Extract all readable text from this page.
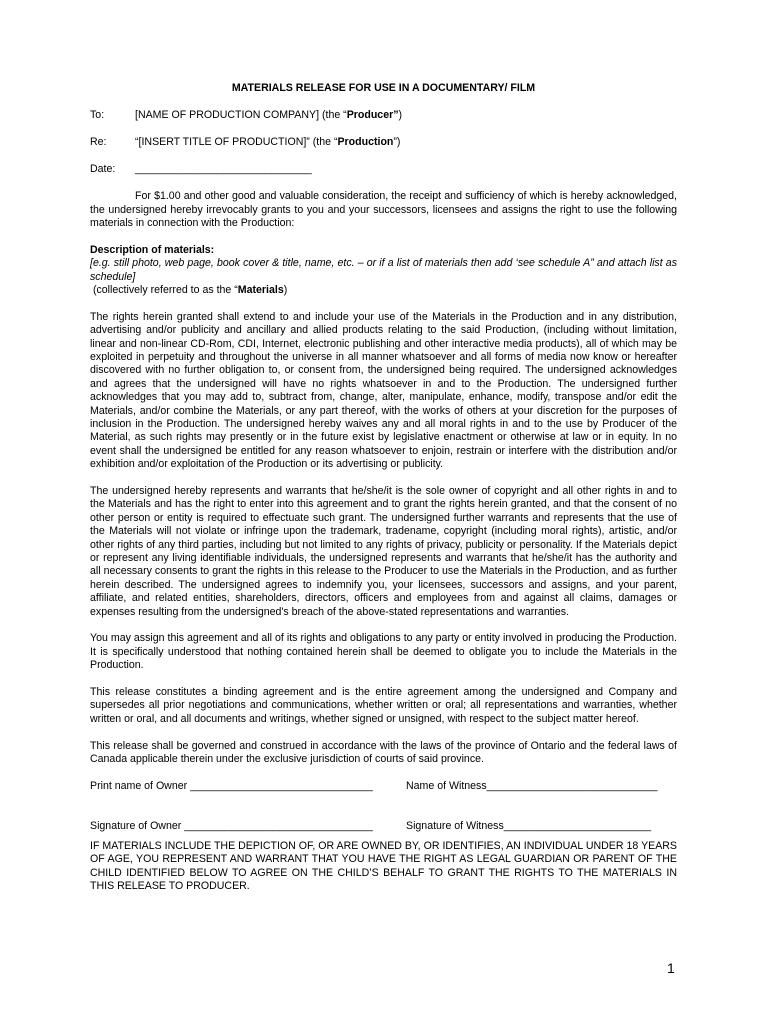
MATERIALS RELEASE FOR USE IN A DOCUMENTARY/ FILM
To:	[NAME OF PRODUCTION COMPANY] (the “Producer”)
Re:	“[INSERT TITLE OF PRODUCTION]” (the “Production”)
Date:	______________________________

For $1.00 and other good and valuable consideration, the receipt and sufficiency of which is hereby acknowledged, the undersigned hereby irrevocably grants to you and your successors, licensees and assigns the right to use the following materials in connection with the Production:

Description of materials:
[e.g. still photo, web page, book cover & title, name, etc. – or if a list of materials then add ‘see schedule A” and attach list as schedule]
(collectively referred to as the “Materials)

The rights herein granted shall extend to and include your use of the Materials in the Production and in any distribution, advertising and/or publicity and ancillary and allied products relating to the said Production, (including without limitation, linear and non-linear CD-Rom, CDI, Internet, electronic publishing and other interactive media products), all of which may be exploited in perpetuity and throughout the universe in all manner whatsoever and all forms of media now know or hereafter discovered with no further obligation to, or consent from, the undersigned being required. The undersigned acknowledges and agrees that the undersigned will have no rights whatsoever in and to the Production. The undersigned further acknowledges that you may add to, subtract from, change, alter, manipulate, enhance, modify, transpose and/or edit the Materials, and/or combine the Materials, or any part thereof, with the works of others at your discretion for the purposes of inclusion in the Production. The undersigned hereby waives any and all moral rights in and to the use by Producer of the Material, as such rights may presently or in the future exist by legislative enactment or otherwise at law or in equity. In no event shall the undersigned be entitled for any reason whatsoever to enjoin, restrain or interfere with the distribution and/or exhibition and/or exploitation of the Production or its advertising or publicity.

The undersigned hereby represents and warrants that he/she/it is the sole owner of copyright and all other rights in and to the Materials and has the right to enter into this agreement and to grant the rights herein granted, and that the consent of no other person or entity is required to effectuate such grant. The undersigned further warrants and represents that the use of the Materials will not violate or infringe upon the trademark, tradename, copyright (including moral rights), artistic, and/or other rights of any third parties, including but not limited to any rights of privacy, publicity or personality. If the Materials depict or represent any living identifiable individuals, the undersigned represents and warrants that he/she/it has the authority and all necessary consents to grant the rights in this release to the Producer to use the Materials in the Production, and as further herein described. The undersigned agrees to indemnify you, your licensees, successors and assigns, and your parent, affiliate, and related entities, shareholders, directors, officers and employees from and against all claims, damages or expenses resulting from the undersigned's breach of the above-stated representations and warranties.

You may assign this agreement and all of its rights and obligations to any party or entity involved in producing the Production. It is specifically understood that nothing contained herein shall be deemed to obligate you to include the Materials in the Production.

This release constitutes a binding agreement and is the entire agreement among the undersigned and Company and supersedes all prior negotiations and communications, whether written or oral; all representations and warranties, whether written or oral, and all documents and writings, whether signed or unsigned, with respect to the subject matter hereof.

This release shall be governed and construed in accordance with the laws of the province of Ontario and the federal laws of Canada applicable therein under the exclusive jurisdiction of courts of said province.

Print name of Owner _______________________________	Name of Witness_____________________________
Signature of Owner ________________________________	Signature of Witness_________________________

IF MATERIALS INCLUDE THE DEPICTION OF, OR ARE OWNED BY, OR IDENTIFIES, AN INDIVIDUAL UNDER 18 YEARS OF AGE, YOU REPRESENT AND WARRANT THAT YOU HAVE THE RIGHT AS LEGAL GUARDIAN OR PARENT OF THE CHILD IDENTIFIED BELOW TO AGREE ON THE CHILD’S BEHALF TO GRANT THE RIGHTS TO THE MATERIALS IN THIS RELEASE TO PRODUCER.

1
